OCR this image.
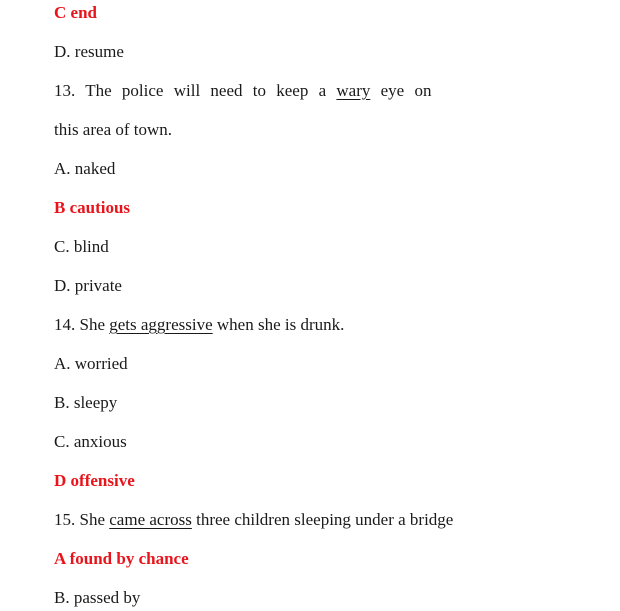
C end
D. resume
13. The police will need to keep a wary eye on
this area of town.
A. naked
B cautious
C. blind
D. private
14. She gets aggressive when she is drunk.
A. worried
B. sleepy
C. anxious
D offensive
15. She came across three children sleeping under a bridge
A found by chance
B. passed by
